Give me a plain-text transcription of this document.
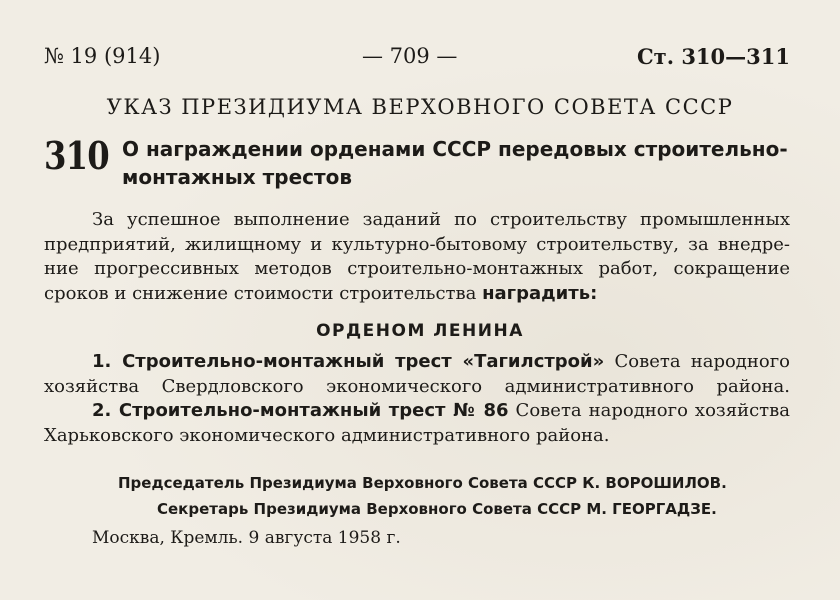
№ 19 (914)	— 709 —	Ст. 310—311
УКАЗ ПРЕЗИДИУМА ВЕРХОВНОГО СОВЕТА СССР
310 О награждении орденами СССР передовых строительно-
монтажных трестов
За успешное выполнение заданий по строительству промышленных
предприятий, жилищному и культурно-бытовому строительству, за внедре-
ние прогрессивных методов строительно-монтажных работ, сокращение
сроков и снижение стоимости строительства наградить:
ОРДЕНОМ ЛЕНИНА
1. Строительно-монтажный трест «Тагилстрой» Совета народного
хозяйства Свердловского экономического административного района.
2. Строительно-монтажный трест № 86 Совета народного хозяйства
Харьковского экономического административного района.
Председатель Президиума Верховного Совета СССР К. ВОРОШИЛОВ.
Секретарь Президиума Верховного Совета СССР М. ГЕОРГАДЗЕ.
Москва, Кремль. 9 августа 1958 г.
